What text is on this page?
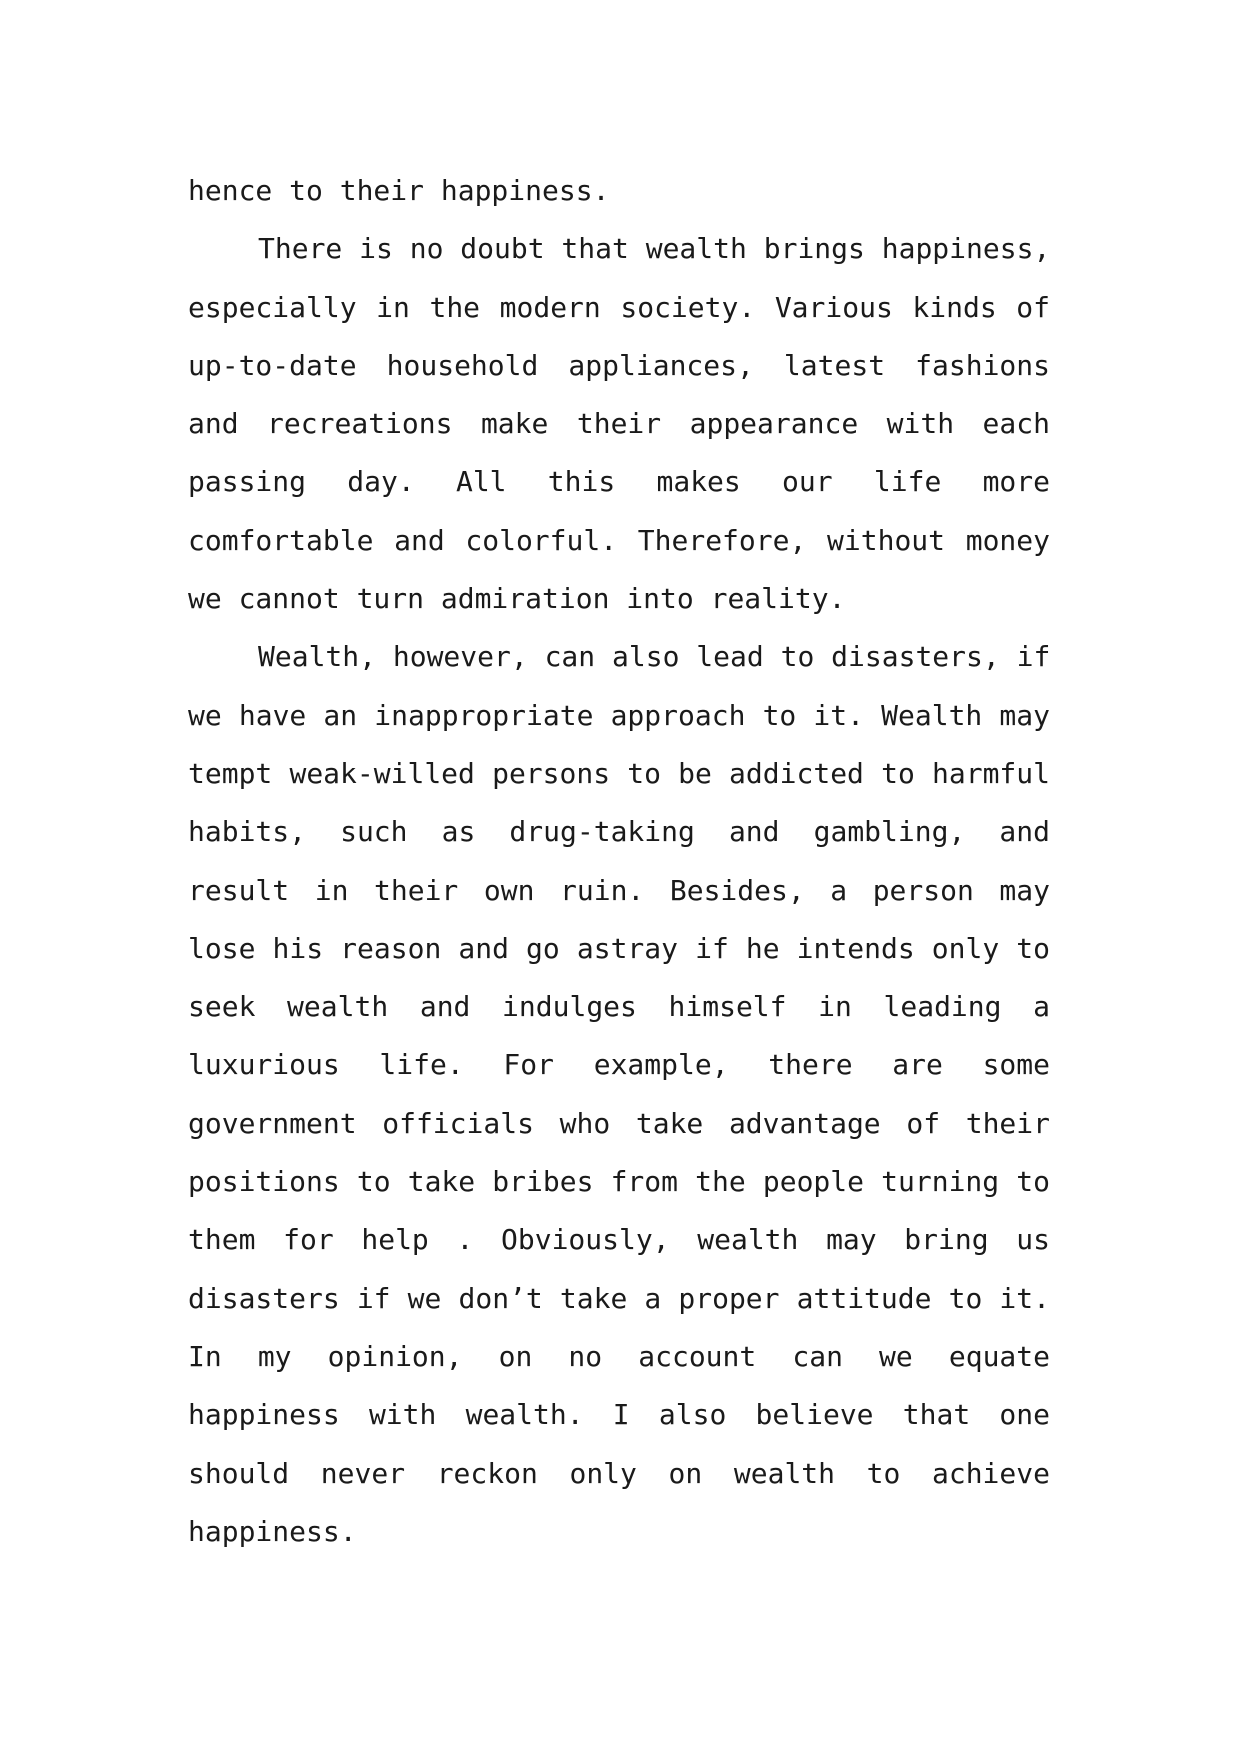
hence to their happiness.
There is no doubt that wealth brings happiness,
especially in the modern society. Various kinds of
up-to-date household appliances, latest fashions
and recreations make their appearance with each
passing day. All this makes our life more
comfortable and colorful. Therefore, without money
we cannot turn admiration into reality.
Wealth, however, can also lead to disasters, if
we have an inappropriate approach to it. Wealth may
tempt weak-willed persons to be addicted to harmful
habits, such as drug-taking and gambling, and
result in their own ruin. Besides, a person may
lose his reason and go astray if he intends only to
seek wealth and indulges himself in leading a
luxurious life. For example, there are some
government officials who take advantage of their
positions to take bribes from the people turning to
them for help . Obviously, wealth may bring us
disasters if we don’t take a proper attitude to it.
In my opinion, on no account can we equate
happiness with wealth. I also believe that one
should never reckon only on wealth to achieve
happiness.
